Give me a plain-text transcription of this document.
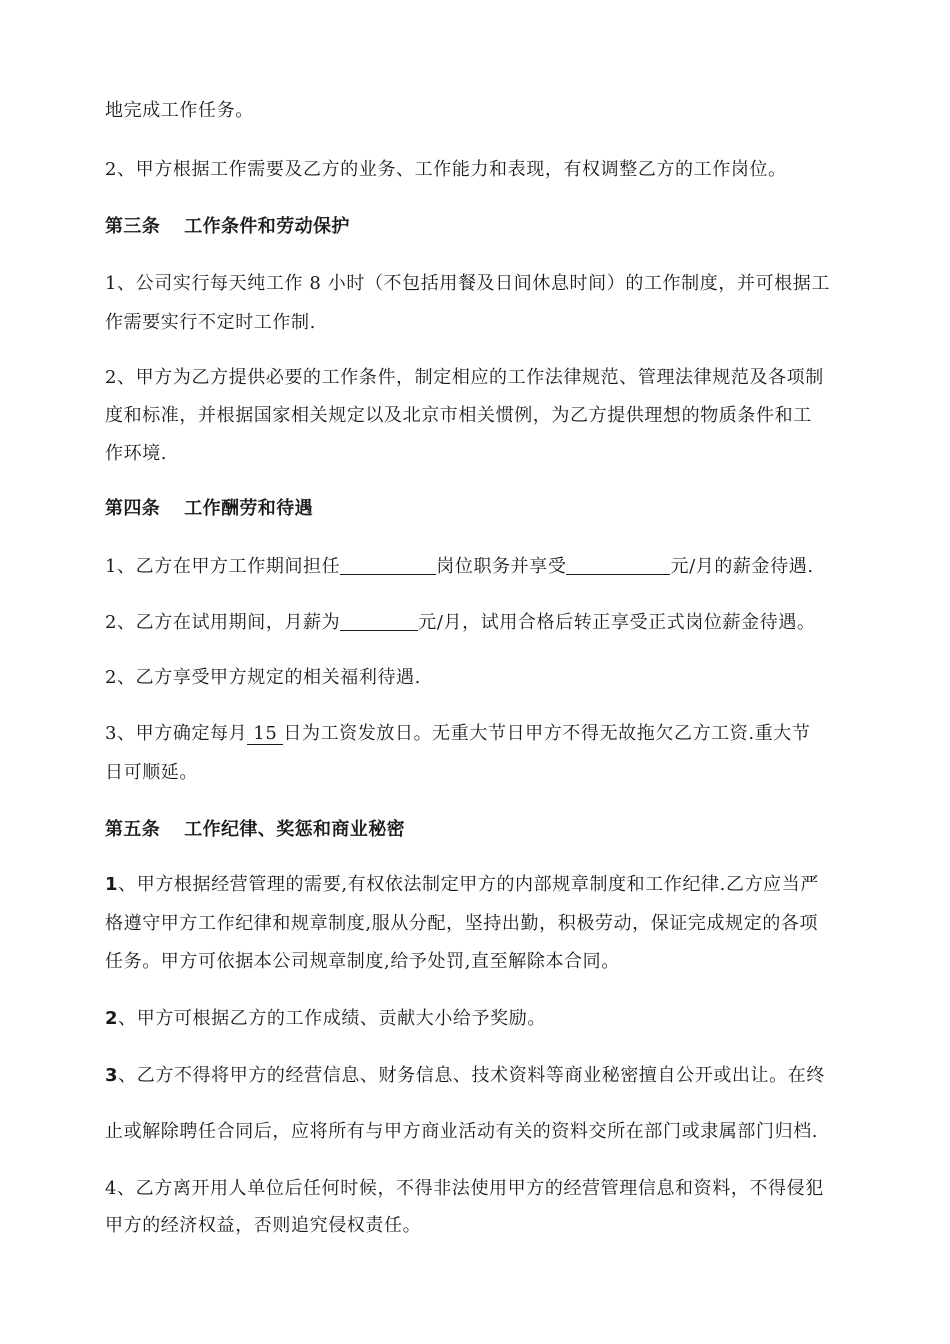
地完成工作任务。
2、甲方根据工作需要及乙方的业务、工作能力和表现，有权调整乙方的工作岗位。
第三条 工作条件和劳动保护
1、公司实行每天纯工作 8 小时（不包括用餐及日间休息时间）的工作制度，并可根据工
作需要实行不定时工作制.
2、甲方为乙方提供必要的工作条件，制定相应的工作法律规范、管理法律规范及各项制
度和标准，并根据国家相关规定以及北京市相关惯例，为乙方提供理想的物质条件和工
作环境.
第四条 工作酬劳和待遇
1、乙方在甲方工作期间担任	岗位职务并享受	元/月的薪金待遇.
2、乙方在试用期间，月薪为	元/月，试用合格后转正享受正式岗位薪金待遇。
2、乙方享受甲方规定的相关福利待遇.
3、甲方确定每月 15 日为工资发放日。无重大节日甲方不得无故拖欠乙方工资.重大节
日可顺延。
第五条 工作纪律、奖惩和商业秘密
1、甲方根据经营管理的需要,有权依法制定甲方的内部规章制度和工作纪律.乙方应当严
格遵守甲方工作纪律和规章制度,服从分配，坚持出勤，积极劳动，保证完成规定的各项
任务。甲方可依据本公司规章制度,给予处罚,直至解除本合同。
2、甲方可根据乙方的工作成绩、贡献大小给予奖励。
3、乙方不得将甲方的经营信息、财务信息、技术资料等商业秘密擅自公开或出让。在终
止或解除聘任合同后，应将所有与甲方商业活动有关的资料交所在部门或隶属部门归档.
4、乙方离开用人单位后任何时候，不得非法使用甲方的经营管理信息和资料，不得侵犯
甲方的经济权益，否则追究侵权责任。
